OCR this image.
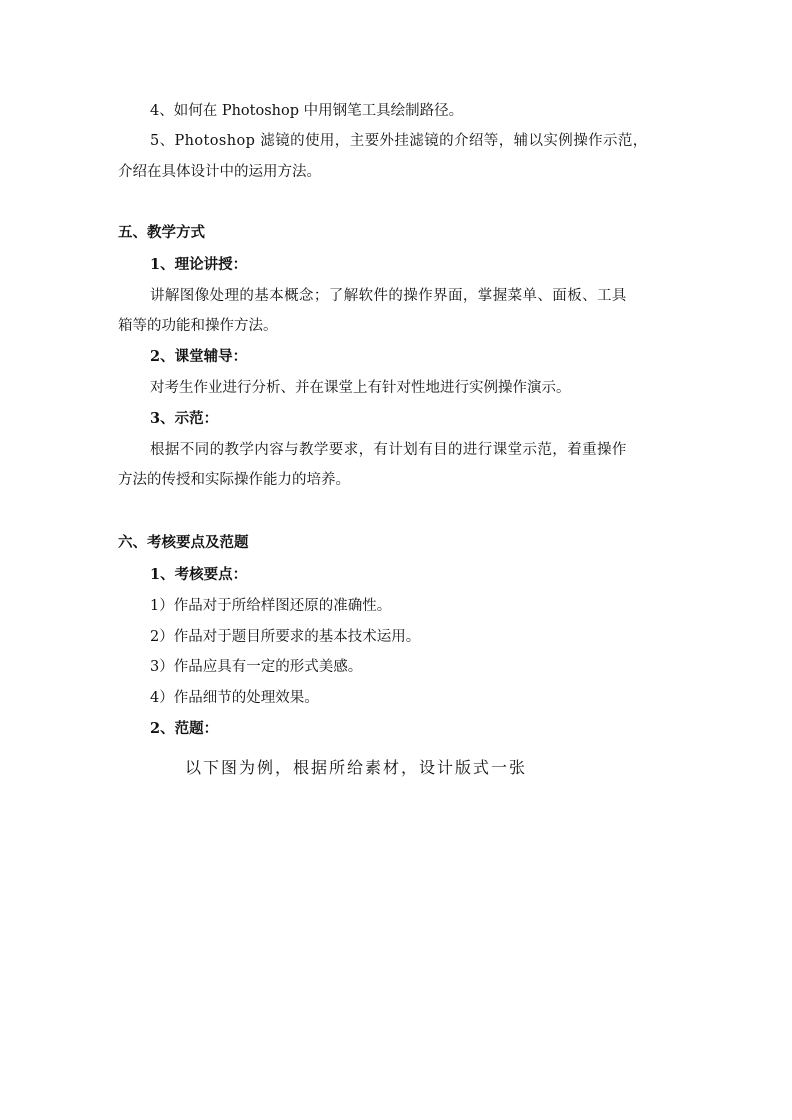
4、如何在 Photoshop 中用钢笔工具绘制路径。
5、Photoshop 滤镜的使用，主要外挂滤镜的介绍等，辅以实例操作示范，
介绍在具体设计中的运用方法。
五、教学方式
1、理论讲授：
讲解图像处理的基本概念；了解软件的操作界面，掌握菜单、面板、工具
箱等的功能和操作方法。
2、课堂辅导：
对考生作业进行分析、并在课堂上有针对性地进行实例操作演示。
3、示范：
根据不同的教学内容与教学要求，有计划有目的进行课堂示范，着重操作
方法的传授和实际操作能力的培养。
六、考核要点及范题
1、考核要点：
1）作品对于所给样图还原的准确性。
2）作品对于题目所要求的基本技术运用。
3）作品应具有一定的形式美感。
4）作品细节的处理效果。
2、范题：
以下图为例，根据所给素材，设计版式一张
